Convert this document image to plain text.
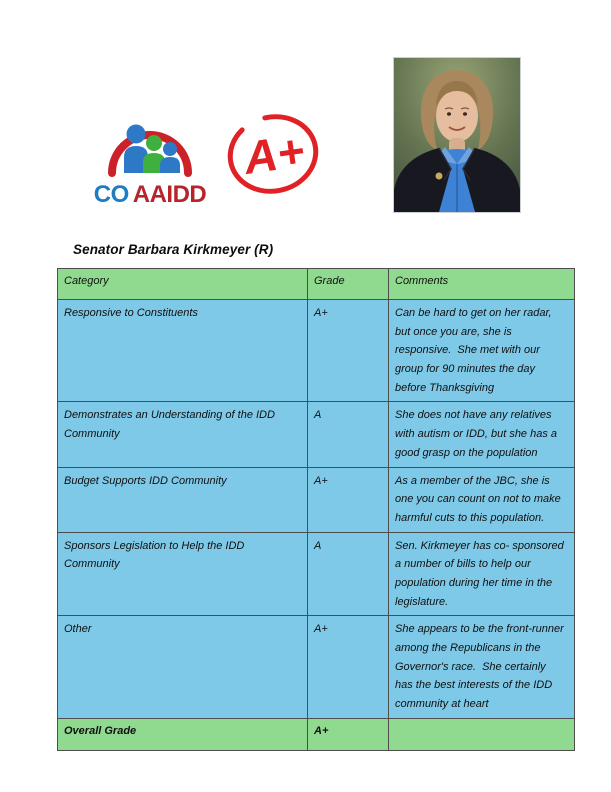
CO AAIDD
A+
Senator Barbara Kirkmeyer (R)
Category	Grade	Comments
Responsive to Constituents	A+	Can be hard to get on her radar, but once you are, she is responsive.  She met with our group for 90 minutes the day before Thanksgiving
Demonstrates an Understanding of the IDD Community	A	She does not have any relatives with autism or IDD, but she has a good grasp on the population
Budget Supports IDD Community	A+	As a member of the JBC, she is one you can count on not to make harmful cuts to this population.
Sponsors Legislation to Help the IDD Community	A	Sen. Kirkmeyer has co- sponsored a number of bills to help our population during her time in the legislature.
Other	A+	She appears to be the front-runner among the Republicans in the Governor's race.  She certainly has the best interests of the IDD community at heart
Overall Grade	A+	
